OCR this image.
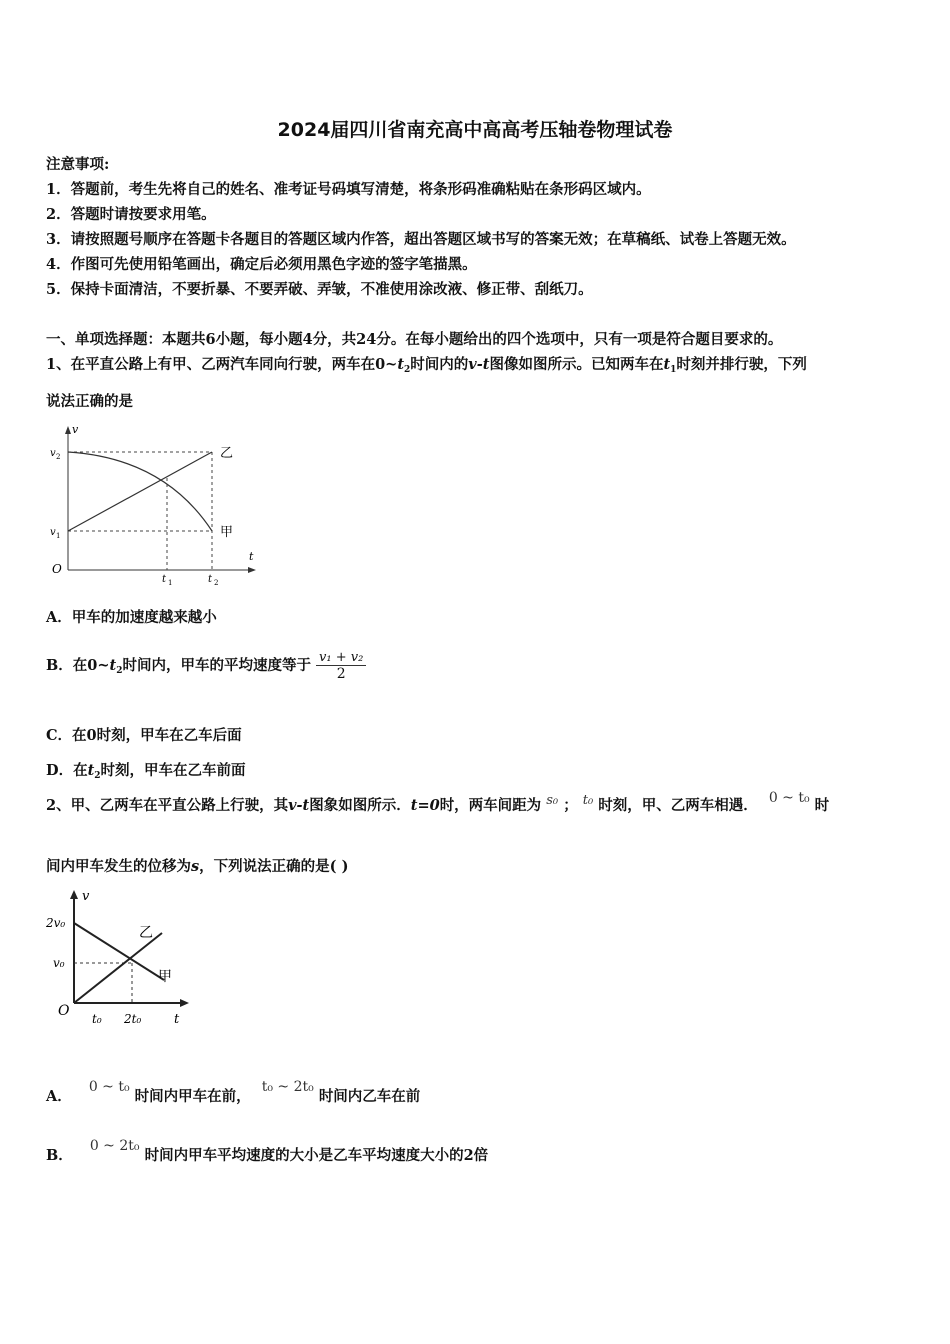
2024届四川省南充高中高高考压轴卷物理试卷
注意事项:
1．答题前，考生先将自己的姓名、准考证号码填写清楚，将条形码准确粘贴在条形码区域内。
2．答题时请按要求用笔。
3．请按照题号顺序在答题卡各题目的答题区域内作答，超出答题区域书写的答案无效；在草稿纸、试卷上答题无效。
4．作图可先使用铅笔画出，确定后必须用黑色字迹的签字笔描黑。
5．保持卡面清洁，不要折暴、不要弄破、弄皱，不准使用涂改液、修正带、刮纸刀。
一、单项选择题：本题共6小题，每小题4分，共24分。在每小题给出的四个选项中，只有一项是符合题目要求的。
1、在平直公路上有甲、乙两汽车同向行驶，两车在$0\sim t_2$时间内的v-t图像如图所示。已知两车在$t_1$时刻并排行驶，下列
说法正确的是
v
t
O
v 2
v 1
t 1	t 2
乙
甲
A．甲车的加速度越来越小
B．在$0\sim t_2$时间内，甲车的平均速度等于 $\frac{\text{v₁ + v₂}}{2}$
C．在0时刻，甲车在乙车后面
D．在$t_2$时刻，甲车在乙车前面
2、甲、乙两车在平直公路上行驶，其v-t图象如图所示．t=0时，两车间距为 s₀ ； t₀ 时刻，甲、乙两车相遇． 0 ~ t₀ 时
间内甲车发生的位移为s，下列说法正确的是( )
v
t
O
2v₀
v₀
t₀ 2t₀
乙
甲
A． 0 ~ t₀ 时间内甲车在前， t₀ ~ 2t₀ 时间内乙车在前
B． 0 ~ 2t₀ 时间内甲车平均速度的大小是乙车平均速度大小的2倍
